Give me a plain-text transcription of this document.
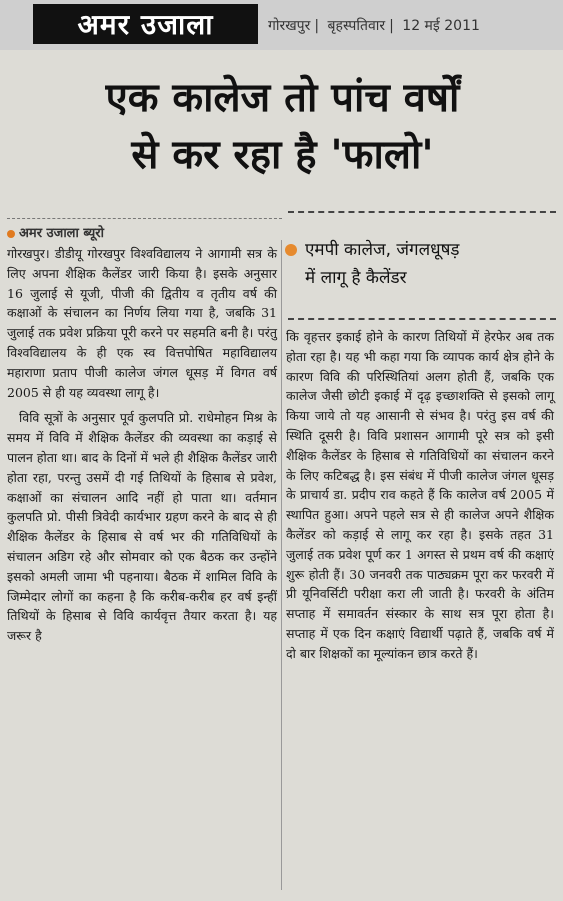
अमर उजाला	गोरखपुर | बृहस्पतिवार | 12 मई 2011
एक कालेज तो पांच वर्षों
से कर रहा है 'फालो'
अमर उजाला ब्यूरो
एमपी कालेज, जंगलधूषड़
में लागू है कैलेंडर

गोरखपुर। डीडीयू गोरखपुर विश्वविद्यालय ने आगामी सत्र के लिए अपना शैक्षिक कैलेंडर जारी किया है। इसके अनुसार 16 जुलाई से यूजी, पीजी की द्वितीय व तृतीय वर्ष की कक्षाओं के संचालन का निर्णय लिया गया है, जबकि 31 जुलाई तक प्रवेश प्रक्रिया पूरी करने पर सहमति बनी है। परंतु विश्वविद्यालय के ही एक स्व वित्तपोषित महाविद्यालय महाराणा प्रताप पीजी कालेज जंगल धूसड़ में विगत वर्ष 2005 से ही यह व्यवस्था लागू है।

विवि सूत्रों के अनुसार पूर्व कुलपति प्रो. राधेमोहन मिश्र के समय में विवि में शैक्षिक कैलेंडर की व्यवस्था का कड़ाई से पालन होता था। बाद के दिनों में भले ही शैक्षिक कैलेंडर जारी होता रहा, परन्तु उसमें दी गई तिथियों के हिसाब से प्रवेश, कक्षाओं का संचालन आदि नहीं हो पाता था। वर्तमान कुलपति प्रो. पीसी त्रिवेदी कार्यभार ग्रहण करने के बाद से ही शैक्षिक कैलेंडर के हिसाब से वर्ष भर की गतिविधियों के संचालन अडिग रहे और सोमवार को एक बैठक कर उन्होंने इसको अमली जामा भी पहनाया। बैठक में शामिल विवि के जिम्मेदार लोगों का कहना है कि करीब-करीब हर वर्ष इन्हीं तिथियों के हिसाब से विवि कार्यवृत्त तैयार करता है। यह जरूर है

कि वृहत्तर इकाई होने के कारण तिथियों में हेरफेर अब तक होता रहा है। यह भी कहा गया कि व्यापक कार्य क्षेत्र होने के कारण विवि की परिस्थितियां अलग होती हैं, जबकि एक कालेज जैसी छोटी इकाई में दृढ़ इच्छाशक्ति से इसको लागू किया जाये तो यह आसानी से संभव है। परंतु इस वर्ष की स्थिति दूसरी है। विवि प्रशासन आगामी पूरे सत्र को इसी शैक्षिक कैलेंडर के हिसाब से गतिविधियों का संचालन करने के लिए कटिबद्ध है। इस संबंध में पीजी कालेज जंगल धूसड़ के प्राचार्य डा. प्रदीप राव कहते हैं कि कालेज वर्ष 2005 में स्थापित हुआ। अपने पहले सत्र से ही कालेज अपने शैक्षिक कैलेंडर को कड़ाई से लागू कर रहा है। इसके तहत 31 जुलाई तक प्रवेश पूर्ण कर 1 अगस्त से प्रथम वर्ष की कक्षाएं शुरू होती हैं। 30 जनवरी तक पाठ्यक्रम पूरा कर फरवरी में प्री यूनिवर्सिटी परीक्षा करा ली जाती है। फरवरी के अंतिम सप्ताह में समावर्तन संस्कार के साथ सत्र पूरा होता है। सप्ताह में एक दिन कक्षाएं विद्यार्थी पढ़ाते हैं, जबकि वर्ष में दो बार शिक्षकों का मूल्यांकन छात्र करते हैं।
